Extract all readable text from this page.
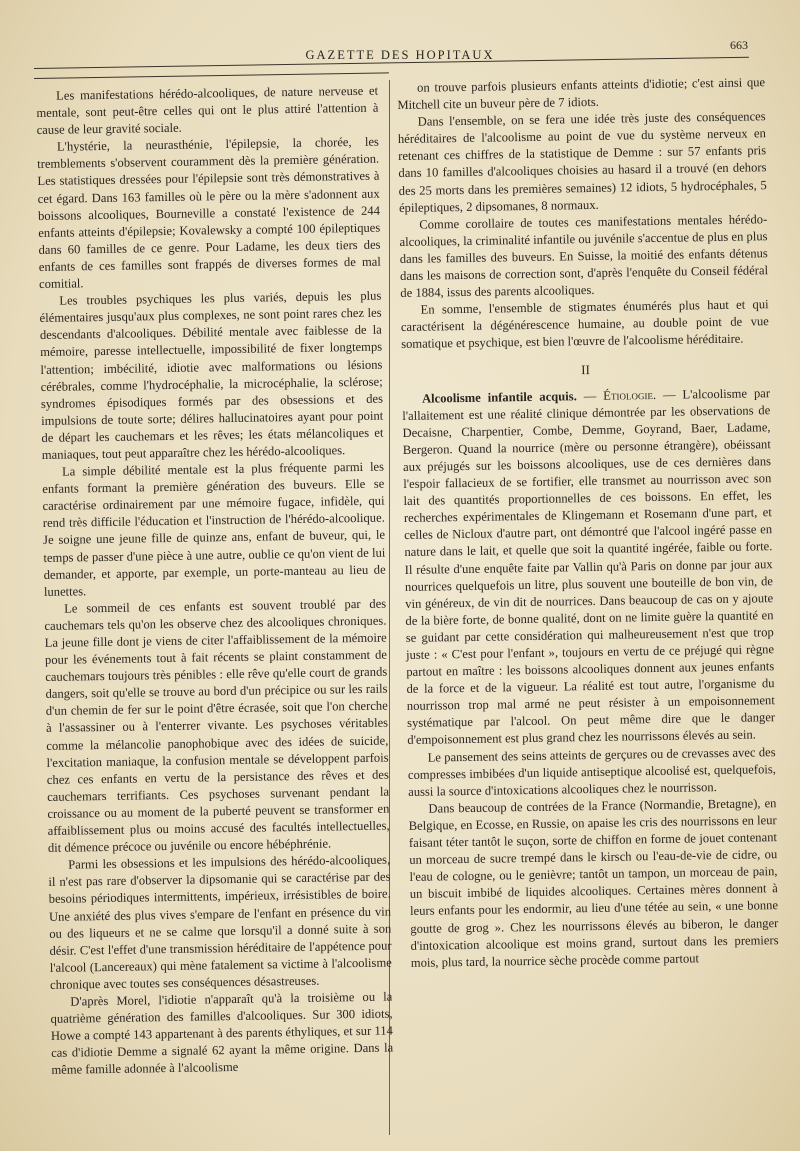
GAZETTE DES HOPITAUX
663

Les manifestations hérédo-alcooliques, de nature nerveuse et mentale, sont peut-être celles qui ont le plus attiré l'attention à cause de leur gravité sociale.

L'hystérie, la neurasthénie, l'épilepsie, la chorée, les tremblements s'observent couramment dès la première génération. Les statistiques dressées pour l'épilepsie sont très démonstratives à cet égard. Dans 163 familles où le père ou la mère s'adonnent aux boissons alcooliques, Bourneville a constaté l'existence de 244 enfants atteints d'épilepsie; Kovalewsky a compté 100 épileptiques dans 60 familles de ce genre. Pour Ladame, les deux tiers des enfants de ces familles sont frappés de diverses formes de mal comitial.

Les troubles psychiques les plus variés, depuis les plus élémentaires jusqu'aux plus complexes, ne sont point rares chez les descendants d'alcooliques. Débilité mentale avec faiblesse de la mémoire, paresse intellectuelle, impossibilité de fixer longtemps l'attention; imbécilité, idiotie avec malformations ou lésions cérébrales, comme l'hydrocéphalie, la microcéphalie, la sclérose; syndromes épisodiques formés par des obsessions et des impulsions de toute sorte; délires hallucinatoires ayant pour point de départ les cauchemars et les rêves; les états mélancoliques et maniaques, tout peut apparaître chez les hérédo-alcooliques.

La simple débilité mentale est la plus fréquente parmi les enfants formant la première génération des buveurs. Elle se caractérise ordinairement par une mémoire fugace, infidèle, qui rend très difficile l'éducation et l'instruction de l'hérédo-alcoolique. Je soigne une jeune fille de quinze ans, enfant de buveur, qui, le temps de passer d'une pièce à une autre, oublie ce qu'on vient de lui demander, et apporte, par exemple, un porte-manteau au lieu de lunettes.

Le sommeil de ces enfants est souvent troublé par des cauchemars tels qu'on les observe chez des alcooliques chroniques. La jeune fille dont je viens de citer l'affaiblissement de la mémoire pour les événements tout à fait récents se plaint constamment de cauchemars toujours très pénibles : elle rêve qu'elle court de grands dangers, soit qu'elle se trouve au bord d'un précipice ou sur les rails d'un chemin de fer sur le point d'être écrasée, soit que l'on cherche à l'assassiner ou à l'enterrer vivante. Les psychoses véritables comme la mélancolie panophobique avec des idées de suicide, l'excitation maniaque, la confusion mentale se développent parfois chez ces enfants en vertu de la persistance des rêves et des cauchemars terrifiants. Ces psychoses survenant pendant la croissance ou au moment de la puberté peuvent se transformer en affaiblissement plus ou moins accusé des facultés intellectuelles, dit démence précoce ou juvénile ou encore hébéphrénie.

Parmi les obsessions et les impulsions des hérédo-alcooliques, il n'est pas rare d'observer la dipsomanie qui se caractérise par des besoins périodiques intermittents, impérieux, irrésistibles de boire. Une anxiété des plus vives s'empare de l'enfant en présence du vin ou des liqueurs et ne se calme que lorsqu'il a donné suite à son désir. C'est l'effet d'une transmission héréditaire de l'appétence pour l'alcool (Lancereaux) qui mène fatalement sa victime à l'alcoolisme chronique avec toutes ses conséquences désastreuses.

D'après Morel, l'idiotie n'apparaît qu'à la troisième ou la quatrième génération des familles d'alcooliques. Sur 300 idiots, Howe a compté 143 appartenant à des parents éthyliques, et sur 114 cas d'idiotie Demme a signalé 62 ayant la même origine. Dans la même famille adonnée à l'alcoolisme

on trouve parfois plusieurs enfants atteints d'idiotie; c'est ainsi que Mitchell cite un buveur père de 7 idiots.

Dans l'ensemble, on se fera une idée très juste des conséquences héréditaires de l'alcoolisme au point de vue du système nerveux en retenant ces chiffres de la statistique de Demme : sur 57 enfants pris dans 10 familles d'alcooliques choisies au hasard il a trouvé (en dehors des 25 morts dans les premières semaines) 12 idiots, 5 hydrocéphales, 5 épileptiques, 2 dipsomanes, 8 normaux.

Comme corollaire de toutes ces manifestations mentales hérédo-alcooliques, la criminalité infantile ou juvénile s'accentue de plus en plus dans les familles des buveurs. En Suisse, la moitié des enfants détenus dans les maisons de correction sont, d'après l'enquête du Conseil fédéral de 1884, issus des parents alcooliques.

En somme, l'ensemble de stigmates énumérés plus haut et qui caractérisent la dégénérescence humaine, au double point de vue somatique et psychique, est bien l'œuvre de l'alcoolisme héréditaire.

II

Alcoolisme infantile acquis. — Étiologie. — L'alcoolisme par l'allaitement est une réalité clinique démontrée par les observations de Decaisne, Charpentier, Combe, Demme, Goyrand, Baer, Ladame, Bergeron. Quand la nourrice (mère ou personne étrangère), obéissant aux préjugés sur les boissons alcooliques, use de ces dernières dans l'espoir fallacieux de se fortifier, elle transmet au nourrisson avec son lait des quantités proportionnelles de ces boissons. En effet, les recherches expérimentales de Klingemann et Rosemann d'une part, et celles de Nicloux d'autre part, ont démontré que l'alcool ingéré passe en nature dans le lait, et quelle que soit la quantité ingérée, faible ou forte. Il résulte d'une enquête faite par Vallin qu'à Paris on donne par jour aux nourrices quelquefois un litre, plus souvent une bouteille de bon vin, de vin généreux, de vin dit de nourrices. Dans beaucoup de cas on y ajoute de la bière forte, de bonne qualité, dont on ne limite guère la quantité en se guidant par cette considération qui malheureusement n'est que trop juste : « C'est pour l'enfant », toujours en vertu de ce préjugé qui règne partout en maître : les boissons alcooliques donnent aux jeunes enfants de la force et de la vigueur. La réalité est tout autre, l'organisme du nourrisson trop mal armé ne peut résister à un empoisonnement systématique par l'alcool. On peut même dire que le danger d'empoisonnement est plus grand chez les nourrissons élevés au sein.

Le pansement des seins atteints de gerçures ou de crevasses avec des compresses imbibées d'un liquide antiseptique alcoolisé est, quelquefois, aussi la source d'intoxications alcooliques chez le nourrisson.

Dans beaucoup de contrées de la France (Normandie, Bretagne), en Belgique, en Ecosse, en Russie, on apaise les cris des nourrissons en leur faisant téter tantôt le suçon, sorte de chiffon en forme de jouet contenant un morceau de sucre trempé dans le kirsch ou l'eau-de-vie de cidre, ou l'eau de cologne, ou le genièvre; tantôt un tampon, un morceau de pain, un biscuit imbibé de liquides alcooliques. Certaines mères donnent à leurs enfants pour les endormir, au lieu d'une tétée au sein, « une bonne goutte de grog ». Chez les nourrissons élevés au biberon, le danger d'intoxication alcoolique est moins grand, surtout dans les premiers mois, plus tard, la nourrice sèche procède comme partout
